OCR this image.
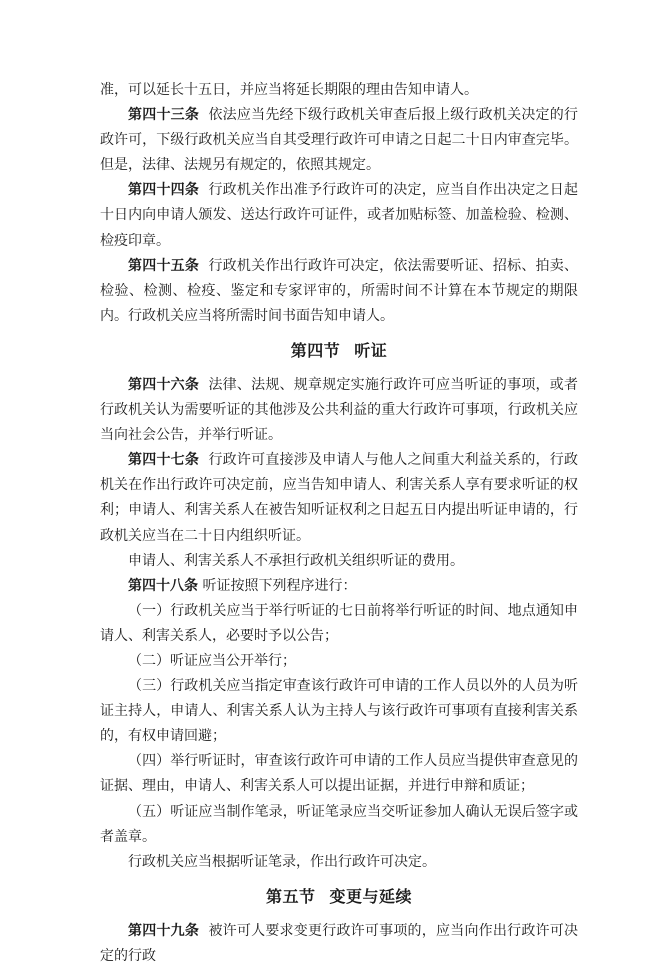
准，可以延长十五日，并应当将延长期限的理由告知申请人。

第四十三条 依法应当先经下级行政机关审查后报上级行政机关决定的行政许可，下级行政机关应当自其受理行政许可申请之日起二十日内审查完毕。但是，法律、法规另有规定的，依照其规定。

第四十四条 行政机关作出准予行政许可的决定，应当自作出决定之日起十日内向申请人颁发、送达行政许可证件，或者加贴标签、加盖检验、检测、检疫印章。

第四十五条 行政机关作出行政许可决定，依法需要听证、招标、拍卖、检验、检测、检疫、鉴定和专家评审的，所需时间不计算在本节规定的期限内。行政机关应当将所需时间书面告知申请人。

第四节 听证

第四十六条 法律、法规、规章规定实施行政许可应当听证的事项，或者行政机关认为需要听证的其他涉及公共利益的重大行政许可事项，行政机关应当向社会公告，并举行听证。

第四十七条 行政许可直接涉及申请人与他人之间重大利益关系的，行政机关在作出行政许可决定前，应当告知申请人、利害关系人享有要求听证的权利；申请人、利害关系人在被告知听证权利之日起五日内提出听证申请的，行政机关应当在二十日内组织听证。

申请人、利害关系人不承担行政机关组织听证的费用。

第四十八条 听证按照下列程序进行：

（一）行政机关应当于举行听证的七日前将举行听证的时间、地点通知申请人、利害关系人，必要时予以公告；

（二）听证应当公开举行；

（三）行政机关应当指定审查该行政许可申请的工作人员以外的人员为听证主持人，申请人、利害关系人认为主持人与该行政许可事项有直接利害关系的，有权申请回避；

（四）举行听证时，审查该行政许可申请的工作人员应当提供审查意见的证据、理由，申请人、利害关系人可以提出证据，并进行申辩和质证；

（五）听证应当制作笔录，听证笔录应当交听证参加人确认无误后签字或者盖章。

行政机关应当根据听证笔录，作出行政许可决定。

第五节 变更与延续

第四十九条 被许可人要求变更行政许可事项的，应当向作出行政许可决定的行政
